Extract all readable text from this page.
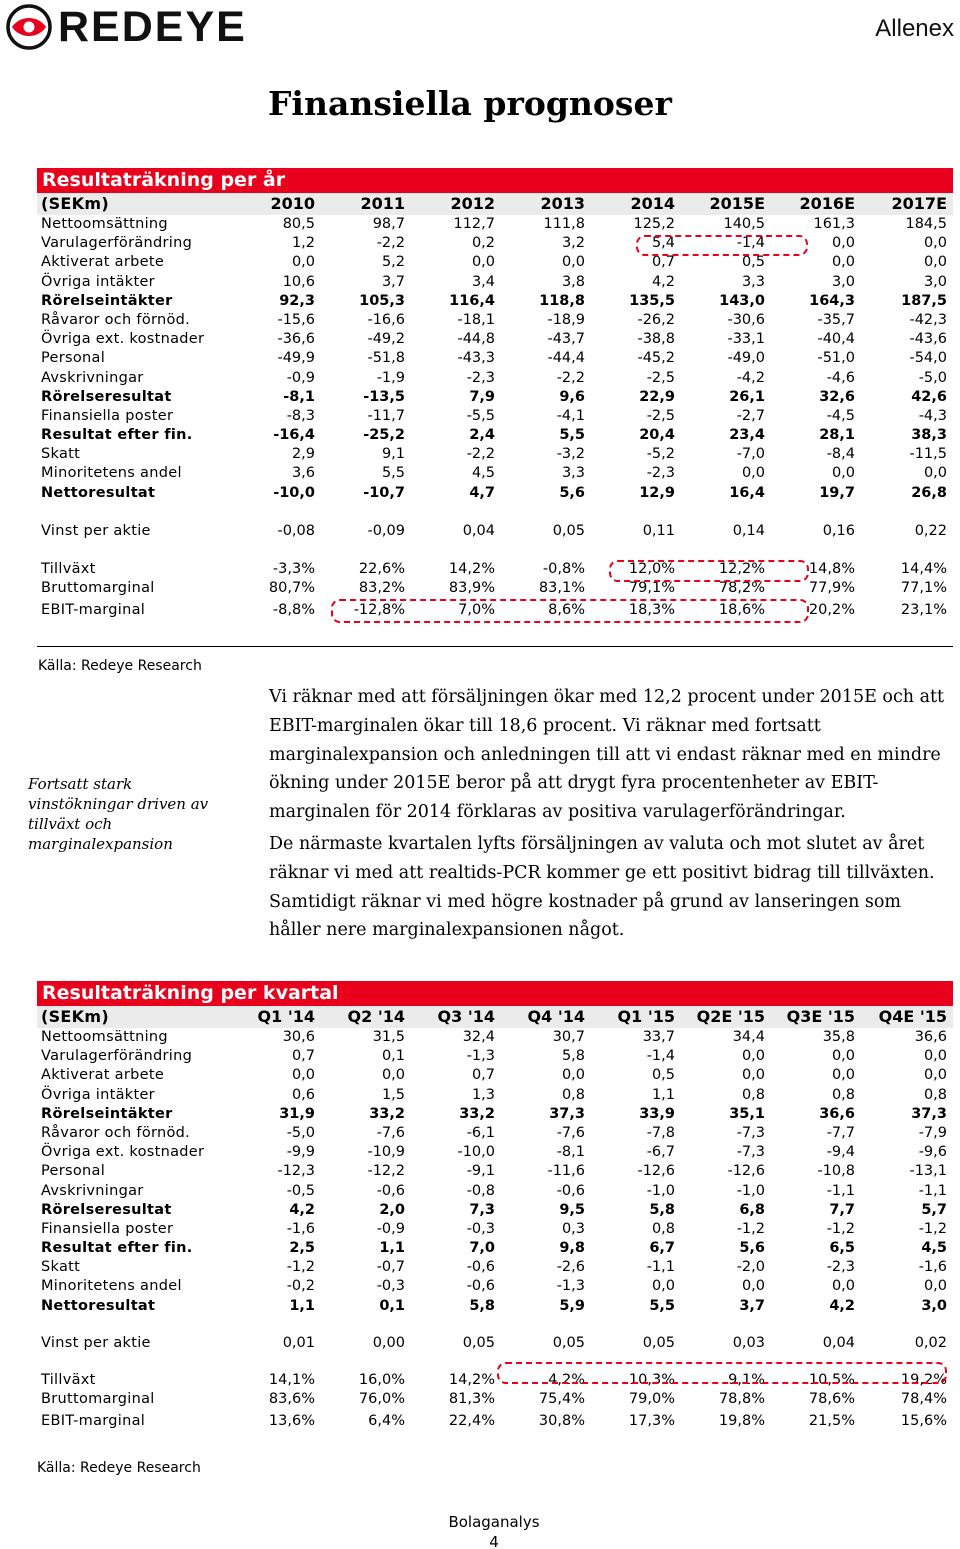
REDEYE	Allenex
Finansiella prognoser
Resultaträkning per år
(SEKm)	2010	2011	2012	2013	2014	2015E	2016E	2017E
Nettoomsättning	80,5	98,7	112,7	111,8	125,2	140,5	161,3	184,5
Varulagerförändring	1,2	-2,2	0,2	3,2	5,4	-1,4	0,0	0,0
Aktiverat arbete	0,0	5,2	0,0	0,0	0,7	0,5	0,0	0,0
Övriga intäkter	10,6	3,7	3,4	3,8	4,2	3,3	3,0	3,0
Rörelseintäkter	92,3	105,3	116,4	118,8	135,5	143,0	164,3	187,5
Råvaror och förnöd.	-15,6	-16,6	-18,1	-18,9	-26,2	-30,6	-35,7	-42,3
Övriga ext. kostnader	-36,6	-49,2	-44,8	-43,7	-38,8	-33,1	-40,4	-43,6
Personal	-49,9	-51,8	-43,3	-44,4	-45,2	-49,0	-51,0	-54,0
Avskrivningar	-0,9	-1,9	-2,3	-2,2	-2,5	-4,2	-4,6	-5,0
Rörelseresultat	-8,1	-13,5	7,9	9,6	22,9	26,1	32,6	42,6
Finansiella poster	-8,3	-11,7	-5,5	-4,1	-2,5	-2,7	-4,5	-4,3
Resultat efter fin.	-16,4	-25,2	2,4	5,5	20,4	23,4	28,1	38,3
Skatt	2,9	9,1	-2,2	-3,2	-5,2	-7,0	-8,4	-11,5
Minoritetens andel	3,6	5,5	4,5	3,3	-2,3	0,0	0,0	0,0
Nettoresultat	-10,0	-10,7	4,7	5,6	12,9	16,4	19,7	26,8
Vinst per aktie	-0,08	-0,09	0,04	0,05	0,11	0,14	0,16	0,22
Tillväxt	-3,3%	22,6%	14,2%	-0,8%	12,0%	12,2%	14,8%	14,4%
Bruttomarginal	80,7%	83,2%	83,9%	83,1%	79,1%	78,2%	77,9%	77,1%
EBIT-marginal	-8,8%	-12,8%	7,0%	8,6%	18,3%	18,6%	20,2%	23,1%
Källa: Redeye Research
Fortsatt stark vinstökningar driven av tillväxt och marginalexpansion
Vi räknar med att försäljningen ökar med 12,2 procent under 2015E och att EBIT-marginalen ökar till 18,6 procent. Vi räknar med fortsatt marginalexpansion och anledningen till att vi endast räknar med en mindre ökning under 2015E beror på att drygt fyra procentenheter av EBIT-marginalen för 2014 förklaras av positiva varulagerförändringar.
De närmaste kvartalen lyfts försäljningen av valuta och mot slutet av året räknar vi med att realtids-PCR kommer ge ett positivt bidrag till tillväxten. Samtidigt räknar vi med högre kostnader på grund av lanseringen som håller nere marginalexpansionen något.
Resultaträkning per kvartal
(SEKm)	Q1 '14	Q2 '14	Q3 '14	Q4 '14	Q1 '15	Q2E '15	Q3E '15	Q4E '15
Nettoomsättning	30,6	31,5	32,4	30,7	33,7	34,4	35,8	36,6
Varulagerförändring	0,7	0,1	-1,3	5,8	-1,4	0,0	0,0	0,0
Aktiverat arbete	0,0	0,0	0,7	0,0	0,5	0,0	0,0	0,0
Övriga intäkter	0,6	1,5	1,3	0,8	1,1	0,8	0,8	0,8
Rörelseintäkter	31,9	33,2	33,2	37,3	33,9	35,1	36,6	37,3
Råvaror och förnöd.	-5,0	-7,6	-6,1	-7,6	-7,8	-7,3	-7,7	-7,9
Övriga ext. kostnader	-9,9	-10,9	-10,0	-8,1	-6,7	-7,3	-9,4	-9,6
Personal	-12,3	-12,2	-9,1	-11,6	-12,6	-12,6	-10,8	-13,1
Avskrivningar	-0,5	-0,6	-0,8	-0,6	-1,0	-1,0	-1,1	-1,1
Rörelseresultat	4,2	2,0	7,3	9,5	5,8	6,8	7,7	5,7
Finansiella poster	-1,6	-0,9	-0,3	0,3	0,8	-1,2	-1,2	-1,2
Resultat efter fin.	2,5	1,1	7,0	9,8	6,7	5,6	6,5	4,5
Skatt	-1,2	-0,7	-0,6	-2,6	-1,1	-2,0	-2,3	-1,6
Minoritetens andel	-0,2	-0,3	-0,6	-1,3	0,0	0,0	0,0	0,0
Nettoresultat	1,1	0,1	5,8	5,9	5,5	3,7	4,2	3,0
Vinst per aktie	0,01	0,00	0,05	0,05	0,05	0,03	0,04	0,02
Tillväxt	14,1%	16,0%	14,2%	4,2%	10,3%	9,1%	10,5%	19,2%
Bruttomarginal	83,6%	76,0%	81,3%	75,4%	79,0%	78,8%	78,6%	78,4%
EBIT-marginal	13,6%	6,4%	22,4%	30,8%	17,3%	19,8%	21,5%	15,6%
Källa: Redeye Research
Bolaganalys
4
